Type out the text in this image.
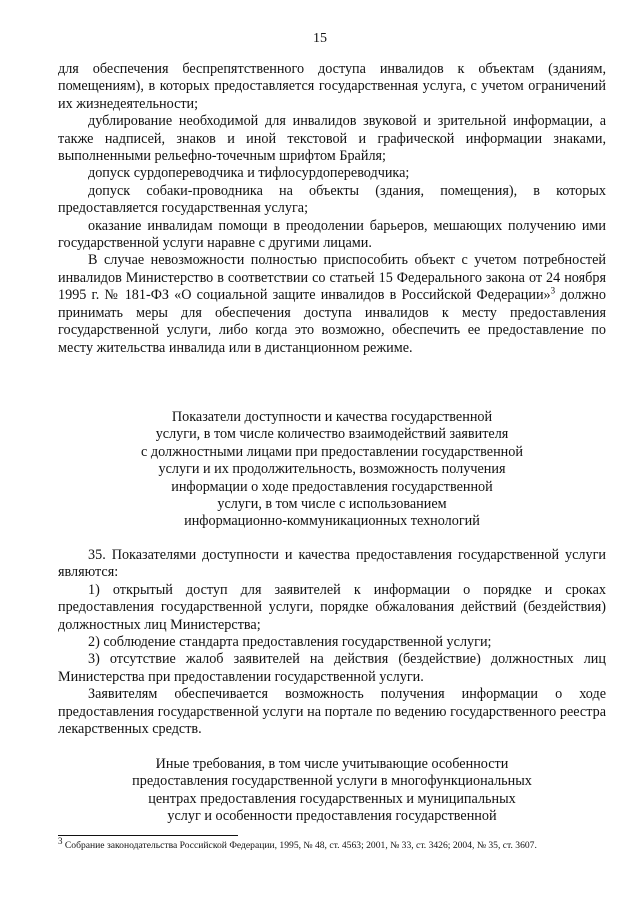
15

для обеспечения беспрепятственного доступа инвалидов к объектам (зданиям, помещениям), в которых предоставляется государственная услуга, с учетом ограничений их жизнедеятельности;

дублирование необходимой для инвалидов звуковой и зрительной информации, а также надписей, знаков и иной текстовой и графической информации знаками, выполненными рельефно-точечным шрифтом Брайля;

допуск сурдопереводчика и тифлосурдопереводчика;

допуск собаки-проводника на объекты (здания, помещения), в которых предоставляется государственная услуга;

оказание инвалидам помощи в преодолении барьеров, мешающих получению ими государственной услуги наравне с другими лицами.

В случае невозможности полностью приспособить объект с учетом потребностей инвалидов Министерство в соответствии со статьей 15 Федерального закона от 24 ноября 1995 г. № 181-ФЗ «О социальной защите инвалидов в Российской Федерации»$^3$ должно принимать меры для обеспечения доступа инвалидов к месту предоставления государственной услуги, либо когда это возможно, обеспечить ее предоставление по месту жительства инвалида или в дистанционном режиме.

Показатели доступности и качества государственной
услуги, в том числе количество взаимодействий заявителя
с должностными лицами при предоставлении государственной
услуги и их продолжительность, возможность получения
информации о ходе предоставления государственной
услуги, в том числе с использованием
информационно-коммуникационных технологий

35. Показателями доступности и качества предоставления государственной услуги являются:

1) открытый доступ для заявителей к информации о порядке и сроках предоставления государственной услуги, порядке обжалования действий (бездействия) должностных лиц Министерства;

2) соблюдение стандарта предоставления государственной услуги;

3) отсутствие жалоб заявителей на действия (бездействие) должностных лиц Министерства при предоставлении государственной услуги.

Заявителям обеспечивается возможность получения информации о ходе предоставления государственной услуги на портале по ведению государственного реестра лекарственных средств.

Иные требования, в том числе учитывающие особенности
предоставления государственной услуги в многофункциональных
центрах предоставления государственных и муниципальных
услуг и особенности предоставления государственной
$^3$ Собрание законодательства Российской Федерации, 1995, № 48, ст. 4563; 2001, № 33, ст. 3426; 2004, № 35, ст. 3607.
